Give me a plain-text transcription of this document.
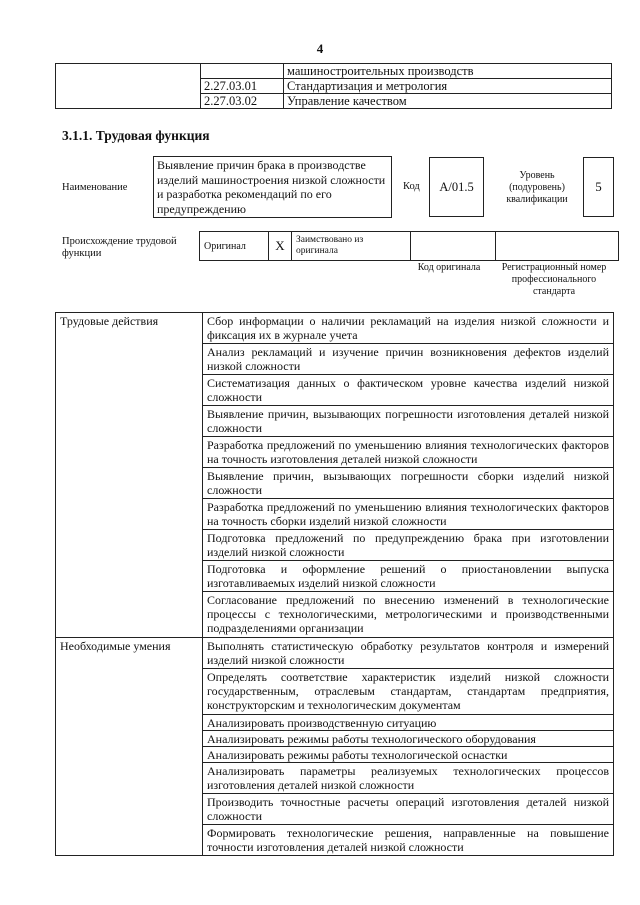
4
		машиностроительных производств
	2.27.03.01	Стандартизация и метрология
	2.27.03.02	Управление качеством
3.1.1. Трудовая функция
Наименование
Выявление причин брака в производстве изделий машиностроения низкой сложности и разработка рекомендаций по его предупреждению
Код	A/01.5
Уровень (подуровень) квалификации
5
Происхождение трудовой функции
Оригинал	X	Заимствовано из оригинала		
Код оригинала	Регистрационный номер профессионального стандарта
Трудовые действия	Сбор информации о наличии рекламаций на изделия низкой сложности и фиксация их в журнале учета
	Анализ рекламаций и изучение причин возникновения дефектов изделий низкой сложности
	Систематизация данных о фактическом уровне качества изделий низкой сложности
	Выявление причин, вызывающих погрешности изготовления деталей низкой сложности
	Разработка предложений по уменьшению влияния технологических факторов на точность изготовления деталей низкой сложности
	Выявление причин, вызывающих погрешности сборки изделий низкой сложности
	Разработка предложений по уменьшению влияния технологических факторов на точность сборки изделий низкой сложности
	Подготовка предложений по предупреждению брака при изготовлении изделий низкой сложности
	Подготовка и оформление решений о приостановлении выпуска изготавливаемых изделий низкой сложности
	Согласование предложений по внесению изменений в технологические процессы с технологическими, метрологическими и производственными подразделениями организации
Необходимые умения	Выполнять статистическую обработку результатов контроля и измерений изделий низкой сложности
	Определять соответствие характеристик изделий низкой сложности государственным, отраслевым стандартам, стандартам предприятия, конструкторским и технологическим документам
	Анализировать производственную ситуацию
	Анализировать режимы работы технологического оборудования
	Анализировать режимы работы технологической оснастки
	Анализировать параметры реализуемых технологических процессов изготовления деталей низкой сложности
	Производить точностные расчеты операций изготовления деталей низкой сложности
	Формировать технологические решения, направленные на повышение точности изготовления деталей низкой сложности
